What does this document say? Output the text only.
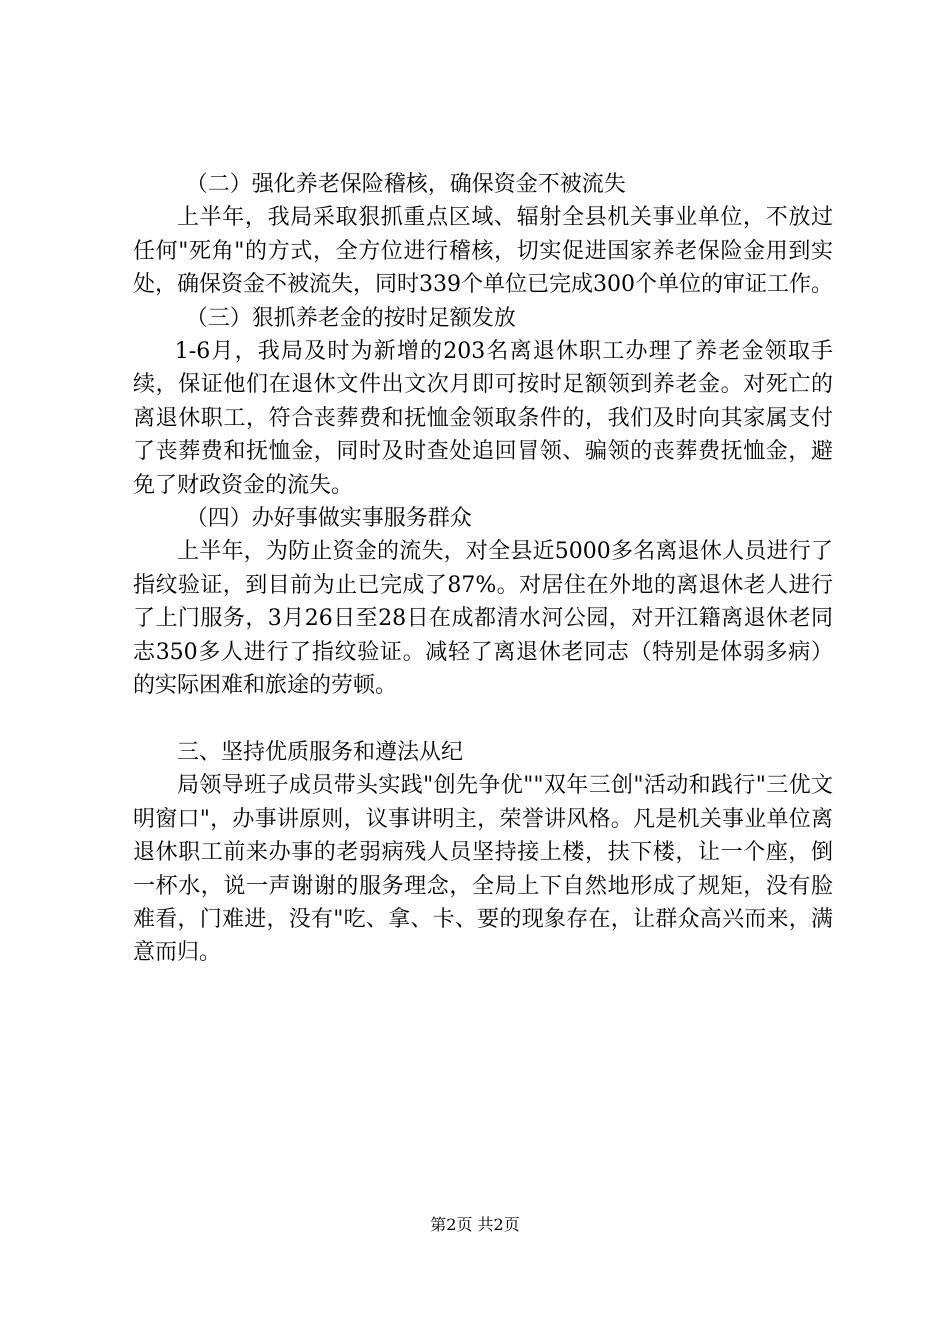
（二）强化养老保险稽核，确保资金不被流失

上半年，我局采取狠抓重点区域、辐射全县机关事业单位，不放过任何"死角"的方式，全方位进行稽核，切实促进国家养老保险金用到实处，确保资金不被流失，同时339个单位已完成300个单位的审证工作。

（三）狠抓养老金的按时足额发放

1-6月，我局及时为新增的203名离退休职工办理了养老金领取手续，保证他们在退休文件出文次月即可按时足额领到养老金。对死亡的离退休职工，符合丧葬费和抚恤金领取条件的，我们及时向其家属支付了丧葬费和抚恤金，同时及时查处追回冒领、骗领的丧葬费抚恤金，避免了财政资金的流失。

（四）办好事做实事服务群众

上半年，为防止资金的流失，对全县近5000多名离退休人员进行了指纹验证，到目前为止已完成了87%。对居住在外地的离退休老人进行了上门服务，3月26日至28日在成都清水河公园，对开江籍离退休老同志350多人进行了指纹验证。减轻了离退休老同志（特别是体弱多病）的实际困难和旅途的劳顿。

三、坚持优质服务和遵法从纪

局领导班子成员带头实践"创先争优""双年三创"活动和践行"三优文明窗口"，办事讲原则，议事讲明主，荣誉讲风格。凡是机关事业单位离退休职工前来办事的老弱病残人员坚持接上楼，扶下楼，让一个座，倒一杯水，说一声谢谢的服务理念，全局上下自然地形成了规矩，没有脸难看，门难进，没有"吃、拿、卡、要的现象存在，让群众高兴而来，满意而归。

第2页 共2页
